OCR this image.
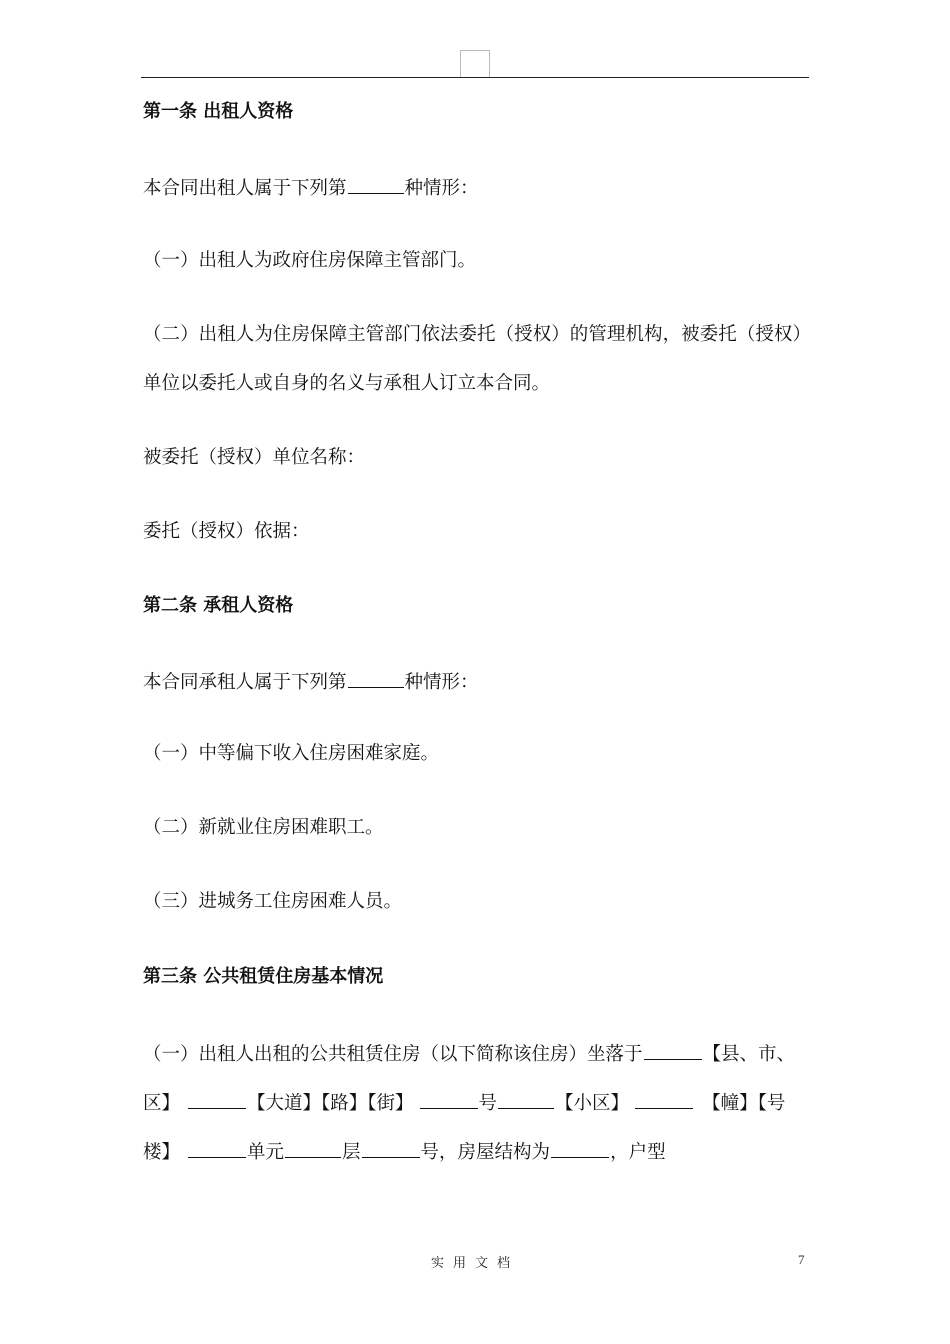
第一条 出租人资格
本合同出租人属于下列第	种情形：
（一）出租人为政府住房保障主管部门。
（二）出租人为住房保障主管部门依法委托（授权）的管理机构，被委托（授权）
单位以委托人或自身的名义与承租人订立本合同。
被委托（授权）单位名称：
委托（授权）依据：
第二条 承租人资格
本合同承租人属于下列第	种情形：
（一）中等偏下收入住房困难家庭。
（二）新就业住房困难职工。
（三）进城务工住房困难人员。
第三条 公共租赁住房基本情况
（一）出租人出租的公共租赁住房（以下简称该住房）坐落于	【县、市、
区】	【大道】【路】【街】	号	【小区】	【幢】【号
楼】	单元	层	号，房屋结构为	，户型
实用文档	7
